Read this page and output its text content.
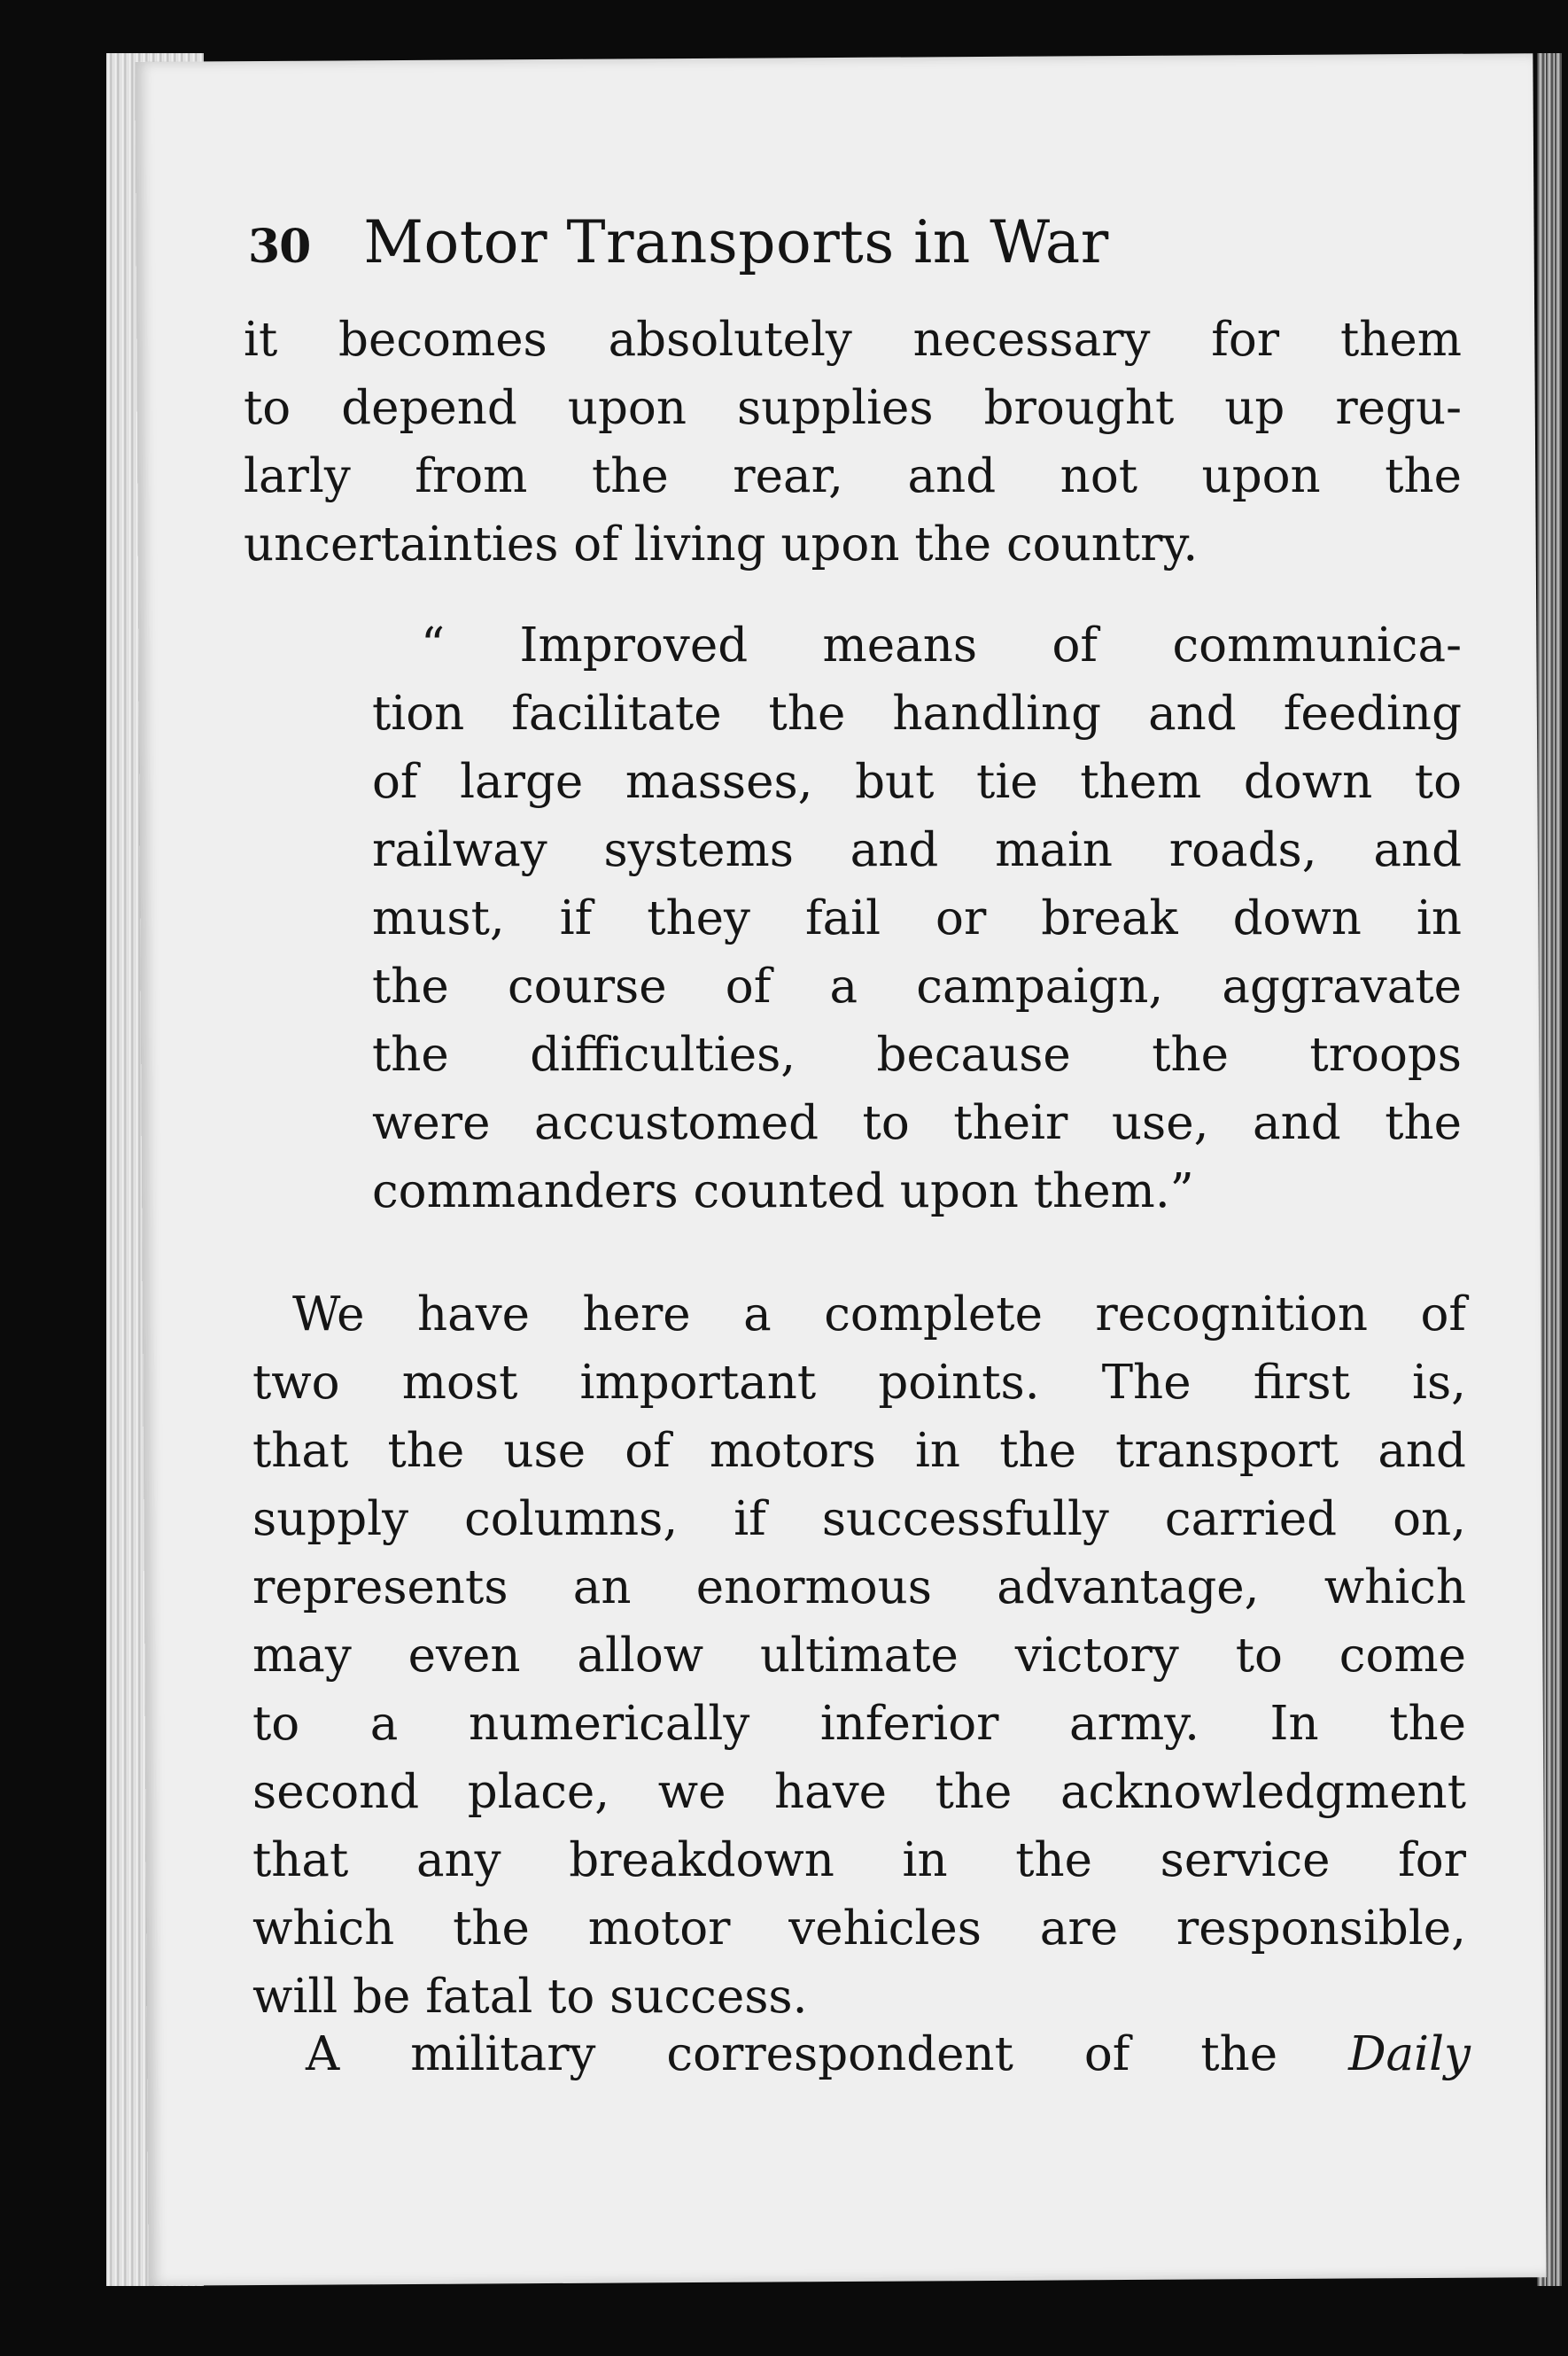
30 Motor Transports in War
it becomes absolutely necessary for them
to depend upon supplies brought up regu-
larly from the rear, and not upon the
uncertainties of living upon the country.
“ Improved means of communica-
tion facilitate the handling and feeding
of large masses, but tie them down to
railway systems and main roads, and
must, if they fail or break down in
the course of a campaign, aggravate
the difficulties, because the troops
were accustomed to their use, and the
commanders counted upon them.”
We have here a complete recognition of
two most important points. The first is,
that the use of motors in the transport and
supply columns, if successfully carried on,
represents an enormous advantage, which
may even allow ultimate victory to come
to a numerically inferior army. In the
second place, we have the acknowledgment
that any breakdown in the service for
which the motor vehicles are responsible,
will be fatal to success.
A military correspondent of the Daily
